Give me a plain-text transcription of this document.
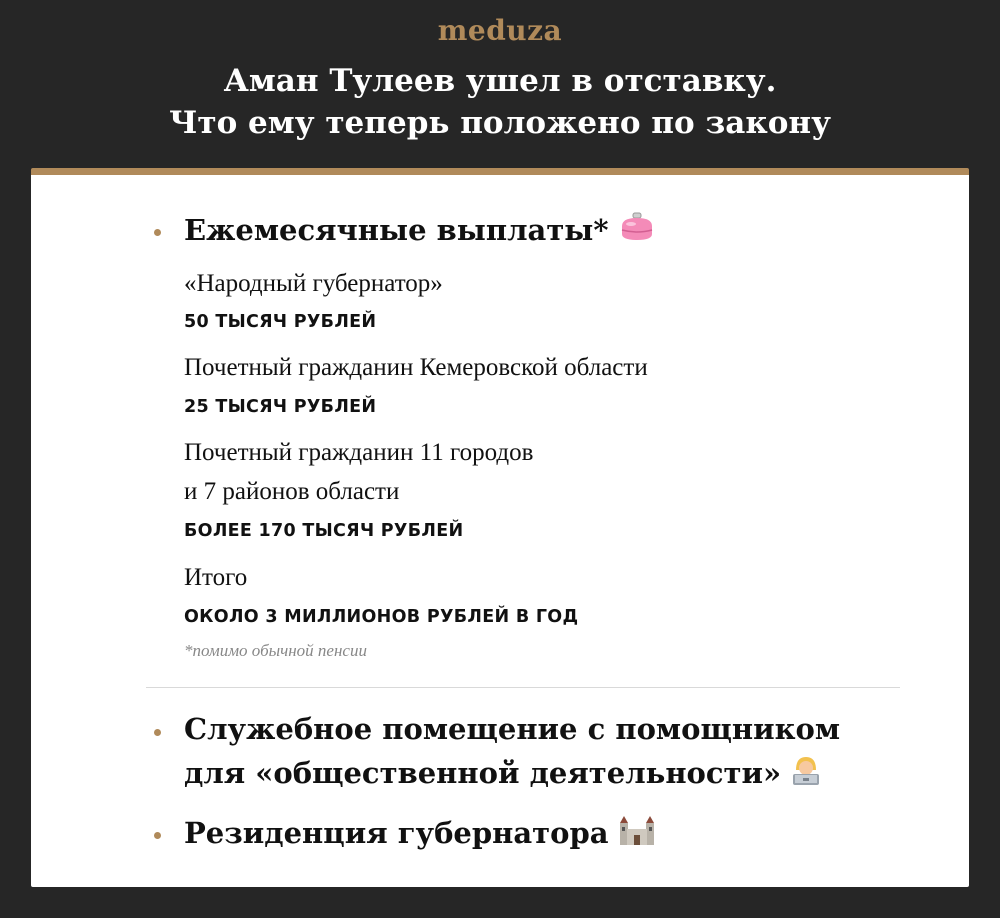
meduza
Аман Тулеев ушел в отставку.
Что ему теперь положено по закону
Ежемесячные выплаты*
«Народный губернатор»
50 ТЫСЯЧ РУБЛЕЙ
Почетный гражданин Кемеровской области
25 ТЫСЯЧ РУБЛЕЙ
Почетный гражданин 11 городов
и 7 районов области
БОЛЕЕ 170 ТЫСЯЧ РУБЛЕЙ
Итого
ОКОЛО 3 МИЛЛИОНОВ РУБЛЕЙ В ГОД
*помимо обычной пенсии
Служебное помещение с помощником
для «общественной деятельности»
Резиденция губернатора
